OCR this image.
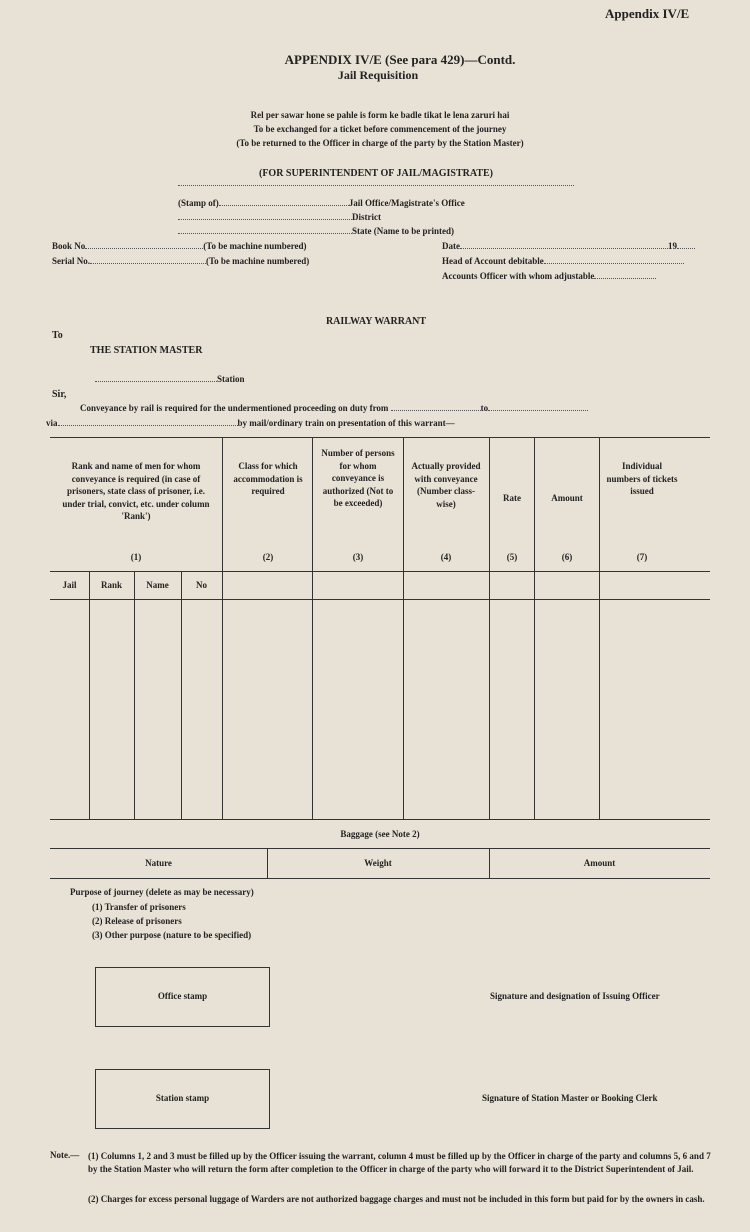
Appendix IV/E
APPENDIX IV/E (See para 429)—Contd.
Jail Requisition
Rel per sawar hone se pahle is form ke badle tikat le lena zaruri hai
To be exchanged for a ticket before commencement of the journey
(To be returned to the Officer in charge of the party by the Station Master)
(FOR SUPERINTENDENT OF JAIL/MAGISTRATE)
(Stamp of)	Jail Office/Magistrate's Office
District
State (Name to be printed)
Book No	(To be machine numbered)
Serial No.	(To be machine numbered)
Date	19
Head of Account debitable
Accounts Officer with whom adjustable
RAILWAY WARRANT
To
THE STATION MASTER
Station
Sir,
Conveyance by rail is required for the undermentioned proceeding on duty from	to
via	by mail/ordinary train on presentation of this warrant—
Rank and name of men for whom conveyance is required (in case of prisoners, state class of prisoner, i.e. under trial, convict, etc. under column 'Rank')
(1)
Class for which accommodation is required
(2)
Number of persons for whom conveyance is authorized (Not to be exceeded)
(3)
Actually provided with conveyance (Number class-wise)
(4)
Rate
(5)
Amount
(6)
Individual numbers of tickets issued
(7)
Jail	Rank	Name	No
Baggage (see Note 2)
Nature	Weight	Amount
Purpose of journey (delete as may be necessary)
(1) Transfer of prisoners
(2) Release of prisoners
(3) Other purpose (nature to be specified)
Office stamp	Signature and designation of Issuing Officer
Station stamp	Signature of Station Master or Booking Clerk
Note.— (1) Columns 1, 2 and 3 must be filled up by the Officer issuing the warrant, column 4 must be filled up by the Officer in charge of the party and columns 5, 6 and 7 by the Station Master who will return the form after completion to the Officer in charge of the party who will forward it to the District Superintendent of Jail.
(2) Charges for excess personal luggage of Warders are not authorized baggage charges and must not be included in this form but paid for by the owners in cash.
